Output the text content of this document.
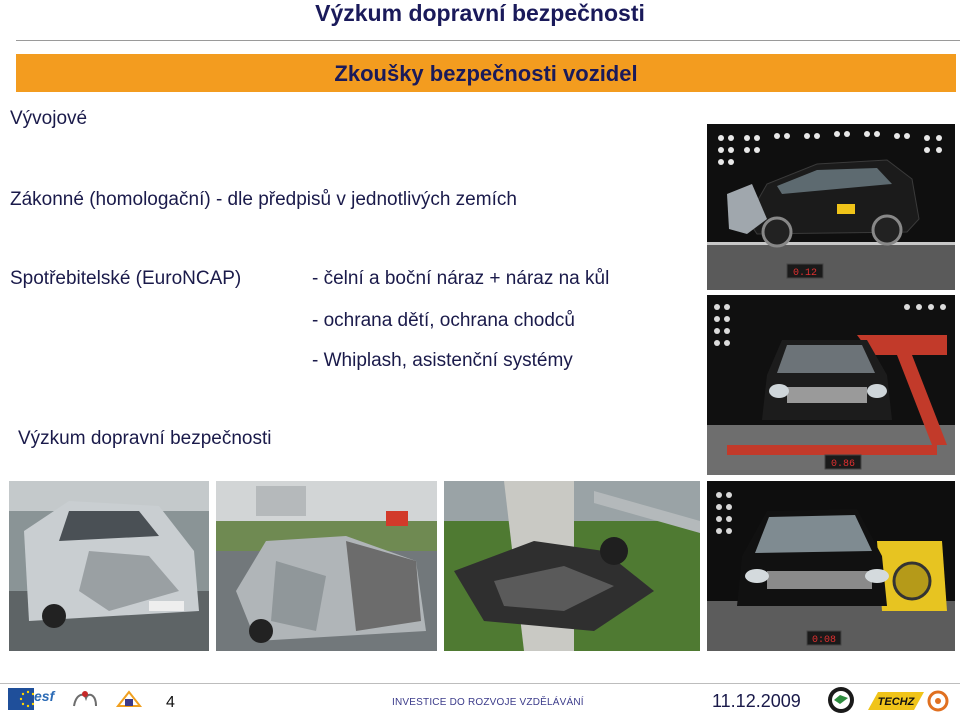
Výzkum dopravní bezpečnosti
Zkoušky bezpečnosti vozidel
Vývojové
Zákonné (homologační) - dle předpisů v jednotlivých zemích
Spotřebitelské (EuroNCAP)	- čelní a boční náraz + náraz na kůl
- ochrana dětí, ochrana chodců
- Whiplash, asistenční systémy
Výzkum dopravní bezpečnosti
0.12
0.86
0:08
esf	4	INVESTICE DO ROZVOJE VZDĚLÁVÁNÍ	11.12.2009	TECHZ
